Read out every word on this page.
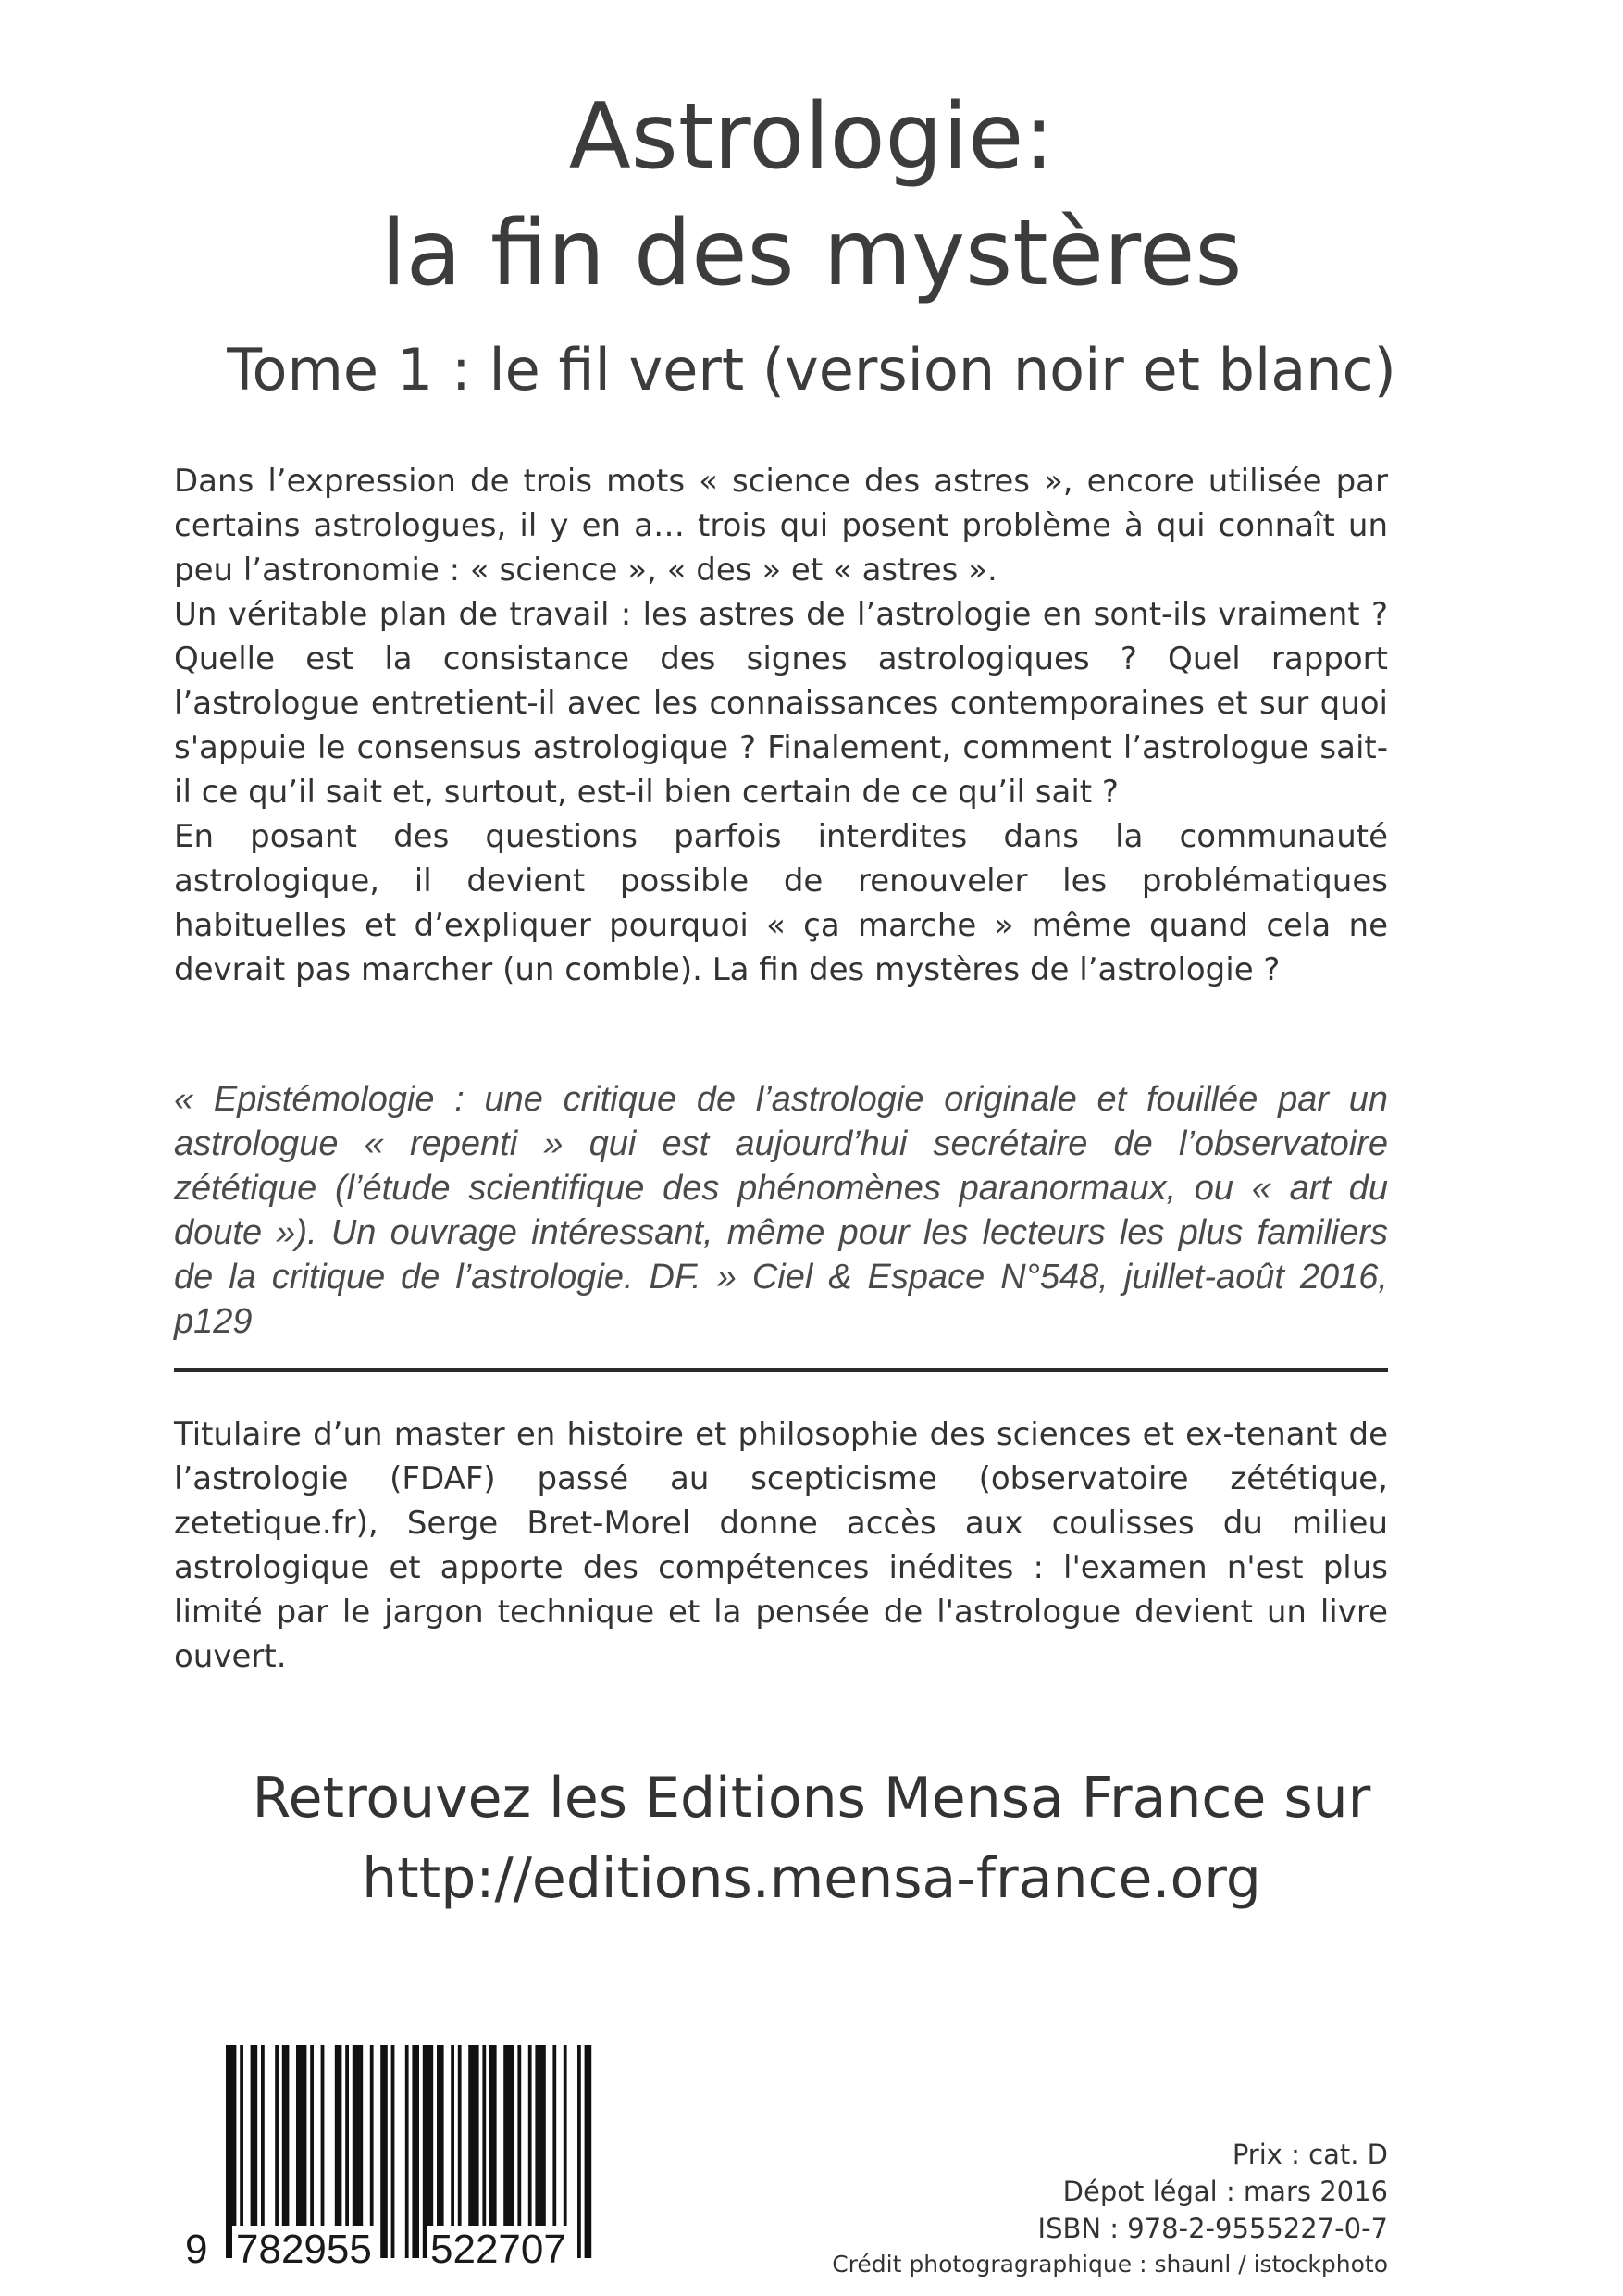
Astrologie:
la fin des mystères
Tome 1 : le fil vert (version noir et blanc)

Dans l’expression de trois mots « science des astres », encore utilisée par certains astrologues, il y en a… trois qui posent problème à qui connaît un peu l’astronomie : « science », « des » et « astres ».

Un véritable plan de travail : les astres de l’astrologie en sont-ils vraiment ? Quelle est la consistance des signes astrologiques ? Quel rapport l’astrologue entretient-il avec les connaissances contemporaines et sur quoi s'appuie le consensus astrologique ? Finalement, comment l’astrologue sait-il ce qu’il sait et, surtout, est-il bien certain de ce qu’il sait ?

En posant des questions parfois interdites dans la communauté astrologique, il devient possible de renouveler les problématiques habituelles et d’expliquer pourquoi « ça marche » même quand cela ne devrait pas marcher (un comble). La fin des mystères de l’astrologie ?

« Epistémologie : une critique de l’astrologie originale et fouillée par un astrologue « repenti » qui est aujourd’hui secrétaire de l’observatoire zététique (l’étude scientifique des phénomènes paranormaux, ou « art du doute »). Un ouvrage intéressant, même pour les lecteurs les plus familiers de la critique de l’astrologie. DF. » Ciel & Espace N°548, juillet-août 2016, p129
Titulaire d’un master en histoire et philosophie des sciences et ex-tenant de l’astrologie (FDAF) passé au scepticisme (observatoire zététique, zetetique.fr), Serge Bret-Morel donne accès aux coulisses du milieu astrologique et apporte des compétences inédites : l'examen n'est plus limité par le jargon technique et la pensée de l'astrologue devient un livre ouvert.
Retrouvez les Editions Mensa France sur
http://editions.mensa-france.org
9 782955 522707
Prix : cat. D
Dépot légal : mars 2016
ISBN : 978-2-9555227-0-7
Crédit photogragraphique : shaunl / istockphoto
